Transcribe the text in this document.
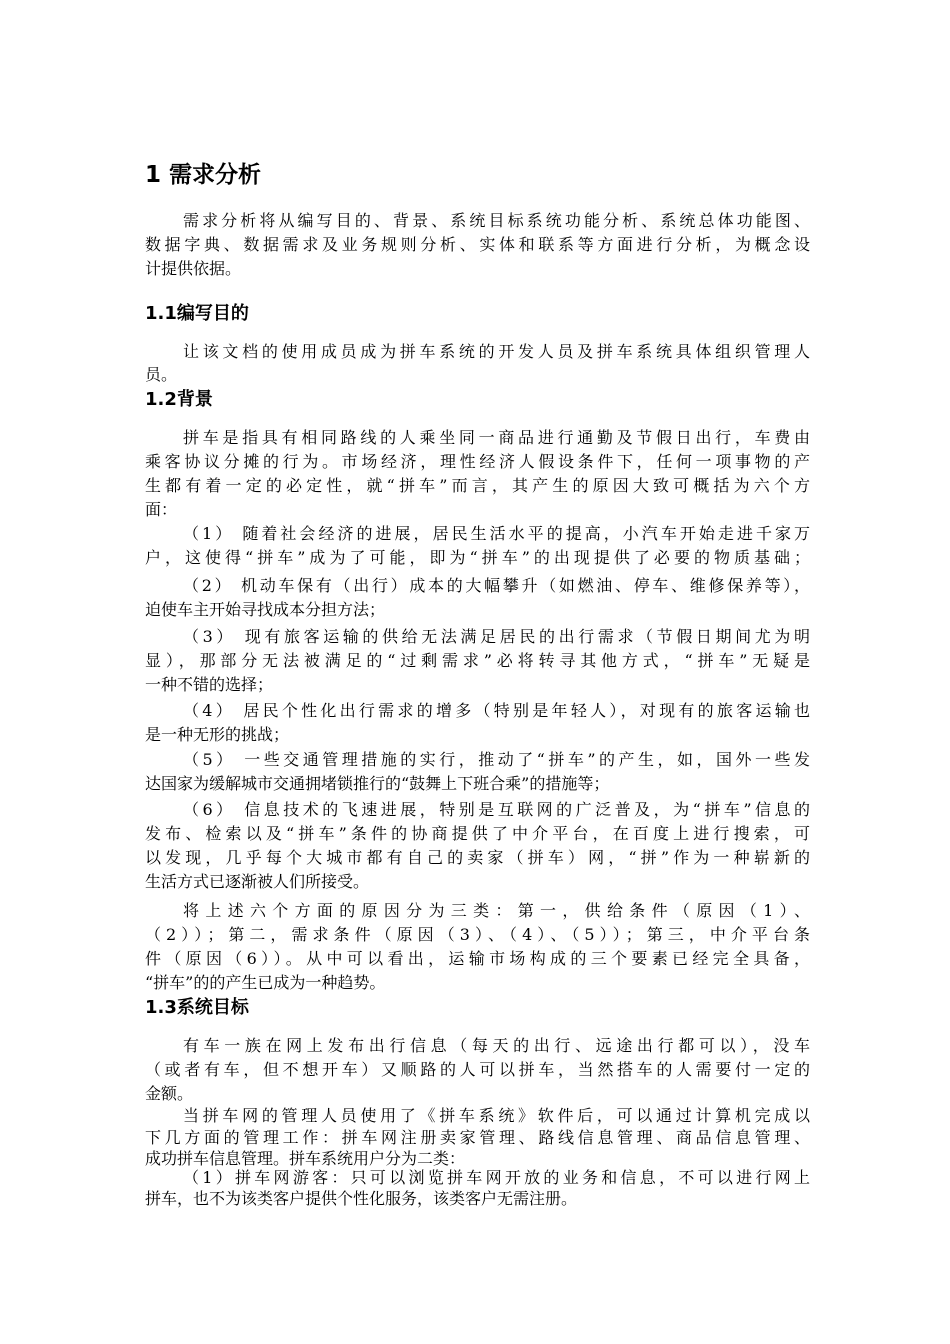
1 需求分析
需求分析将从编写目的、背景、系统目标系统功能分析、系统总体功能图、
数据字典、数据需求及业务规则分析、实体和联系等方面进行分析，为概念设
计提供依据。
1.1编写目的
让该文档的使用成员成为拼车系统的开发人员及拼车系统具体组织管理人
员。
1.2背景
拼车是指具有相同路线的人乘坐同一商品进行通勤及节假日出行，车费由
乘客协议分摊的行为。市场经济，理性经济人假设条件下，任何一项事物的产
生都有着一定的必定性，就“拼车”而言，其产生的原因大致可概括为六个方
面：
（1） 随着社会经济的进展，居民生活水平的提高，小汽车开始走进千家万
户，这使得“拼车”成为了可能，即为“拼车”的出现提供了必要的物质基础；
（2） 机动车保有（出行）成本的大幅攀升（如燃油、停车、维修保养等），
迫使车主开始寻找成本分担方法；
（3） 现有旅客运输的供给无法满足居民的出行需求（节假日期间尤为明
显），那部分无法被满足的“过剩需求”必将转寻其他方式，“拼车”无疑是
一种不错的选择；
（4） 居民个性化出行需求的增多（特别是年轻人），对现有的旅客运输也
是一种无形的挑战；
（5） 一些交通管理措施的实行，推动了“拼车”的产生，如，国外一些发
达国家为缓解城市交通拥堵锁推行的“鼓舞上下班合乘”的措施等；
（6） 信息技术的飞速进展，特别是互联网的广泛普及，为“拼车”信息的
发布、检索以及“拼车”条件的协商提供了中介平台，在百度上进行搜索，可
以发现，几乎每个大城市都有自己的卖家（拼车）网，“拼”作为一种崭新的
生活方式已逐渐被人们所接受。
将上述六个方面的原因分为三类：第一，供给条件（原因（1）、
（2））；第二，需求条件（原因（3）、（4）、（5））；第三，中介平台条
件（原因（6））。从中可以看出，运输市场构成的三个要素已经完全具备，
“拼车”的的产生已成为一种趋势。
1.3系统目标
有车一族在网上发布出行信息（每天的出行、远途出行都可以），没车
（或者有车，但不想开车）又顺路的人可以拼车，当然搭车的人需要付一定的
金额。
当拼车网的管理人员使用了《拼车系统》软件后，可以通过计算机完成以
下几方面的管理工作：拼车网注册卖家管理、路线信息管理、商品信息管理、
成功拼车信息管理。拼车系统用户分为二类：
（1）拼车网游客：只可以浏览拼车网开放的业务和信息，不可以进行网上
拼车，也不为该类客户提供个性化服务，该类客户无需注册。
